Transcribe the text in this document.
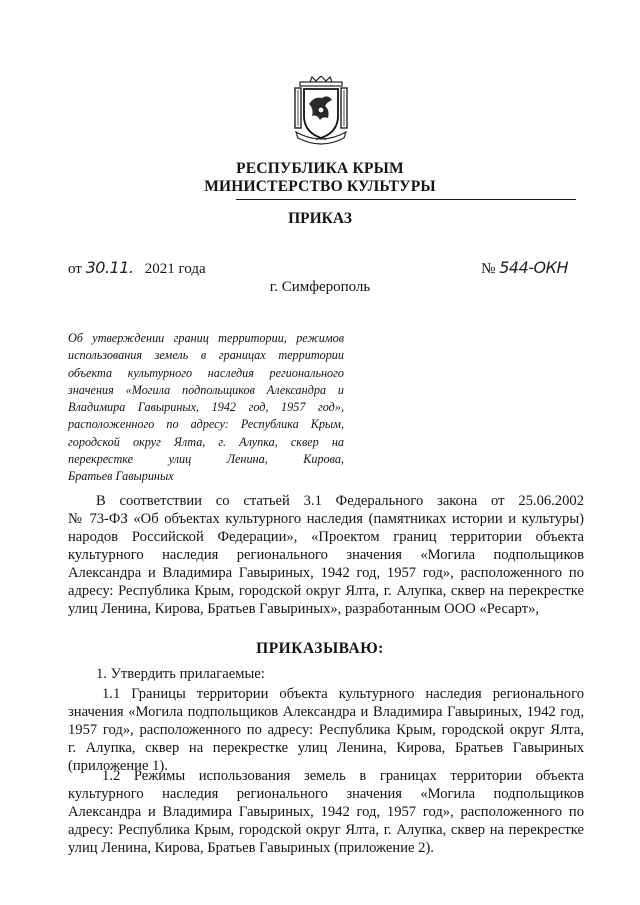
РЕСПУБЛИКА КРЫМ
МИНИСТЕРСТВО КУЛЬТУРЫ
ПРИКАЗ
от 30.11. 2021 года	№ 544-ОКН
г. Симферополь
Об утверждении границ территории, режимов
использования земель в границах территории
объекта культурного наследия регионального
значения «Могила подпольщиков Александра и
Владимира Гавыриных, 1942 год, 1957 год»,
расположенного по адресу: Республика Крым,
городской округ Ялта, г. Алупка, сквер на
перекрестке улиц Ленина, Кирова,
Братьев Гавыриных
В соответствии со статьей 3.1 Федерального закона от 25.06.2002
№ 73-ФЗ «Об объектах культурного наследия (памятниках истории и культуры)
народов Российской Федерации», «Проектом границ территории объекта
культурного наследия регионального значения «Могила подпольщиков
Александра и Владимира Гавыриных, 1942 год, 1957 год», расположенного по
адресу: Республика Крым, городской округ Ялта, г. Алупка, сквер на перекрестке
улиц Ленина, Кирова, Братьев Гавыриных», разработанным ООО «Ресарт»,
ПРИКАЗЫВАЮ:
1. Утвердить прилагаемые:
1.1 Границы территории объекта культурного наследия регионального
значения «Могила подпольщиков Александра и Владимира Гавыриных, 1942 год,
1957 год», расположенного по адресу: Республика Крым, городской округ Ялта,
г. Алупка, сквер на перекрестке улиц Ленина, Кирова, Братьев Гавыриных
(приложение 1).
1.2 Режимы использования земель в границах территории объекта
культурного наследия регионального значения «Могила подпольщиков
Александра и Владимира Гавыриных, 1942 год, 1957 год», расположенного по
адресу: Республика Крым, городской округ Ялта, г. Алупка, сквер на перекрестке
улиц Ленина, Кирова, Братьев Гавыриных (приложение 2).
